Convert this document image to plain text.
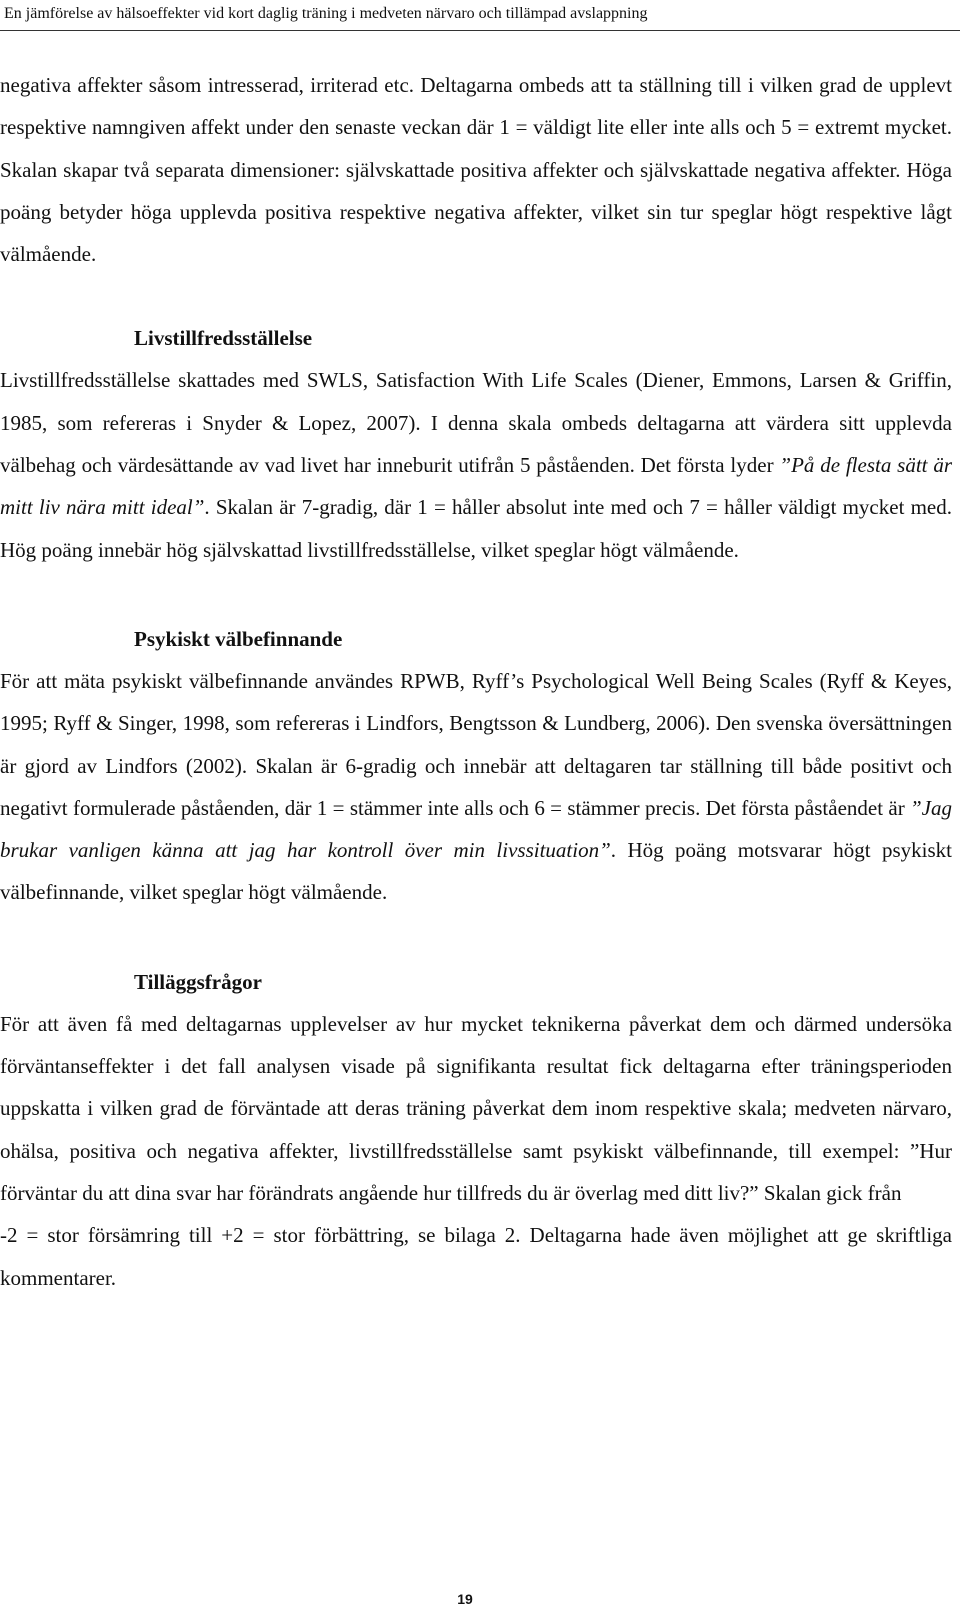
En jämförelse av hälsoeffekter vid kort daglig träning i medveten närvaro och tillämpad avslappning

negativa affekter såsom intresserad, irriterad etc. Deltagarna ombeds att ta ställning till i vilken grad de upplevt respektive namngiven affekt under den senaste veckan där 1 = väldigt lite eller inte alls och 5 = extremt mycket. Skalan skapar två separata dimensioner: självskattade positiva affekter och självskattade negativa affekter. Höga poäng betyder höga upplevda positiva respektive negativa affekter, vilket sin tur speglar högt respektive lågt välmående.

Livstillfredsställelse

Livstillfredsställelse skattades med SWLS, Satisfaction With Life Scales (Diener, Emmons, Larsen & Griffin, 1985, som refereras i Snyder & Lopez, 2007). I denna skala ombeds deltagarna att värdera sitt upplevda välbehag och värdesättande av vad livet har inneburit utifrån 5 påståenden. Det första lyder ”På de flesta sätt är mitt liv nära mitt ideal”. Skalan är 7-gradig, där 1 = håller absolut inte med och 7 = håller väldigt mycket med. Hög poäng innebär hög självskattad livstillfredsställelse, vilket speglar högt välmående.

Psykiskt välbefinnande

För att mäta psykiskt välbefinnande användes RPWB, Ryff’s Psychological Well Being Scales (Ryff & Keyes, 1995; Ryff & Singer, 1998, som refereras i Lindfors, Bengtsson & Lundberg, 2006). Den svenska översättningen är gjord av Lindfors (2002). Skalan är 6-gradig och innebär att deltagaren tar ställning till både positivt och negativt formulerade påståenden, där 1 = stämmer inte alls och 6 = stämmer precis. Det första påståendet är ”Jag brukar vanligen känna att jag har kontroll över min livssituation”. Hög poäng motsvarar högt psykiskt välbefinnande, vilket speglar högt välmående.

Tilläggsfrågor

För att även få med deltagarnas upplevelser av hur mycket teknikerna påverkat dem och därmed undersöka förväntanseffekter i det fall analysen visade på signifikanta resultat fick deltagarna efter träningsperioden uppskatta i vilken grad de förväntade att deras träning påverkat dem inom respektive skala; medveten närvaro, ohälsa, positiva och negativa affekter, livstillfredsställelse samt psykiskt välbefinnande, till exempel: ”Hur förväntar du att dina svar har förändrats angående hur tillfreds du är överlag med ditt liv?” Skalan gick från

-2 = stor försämring till +2 = stor förbättring, se bilaga 2. Deltagarna hade även möjlighet att ge skriftliga kommentarer.

19
